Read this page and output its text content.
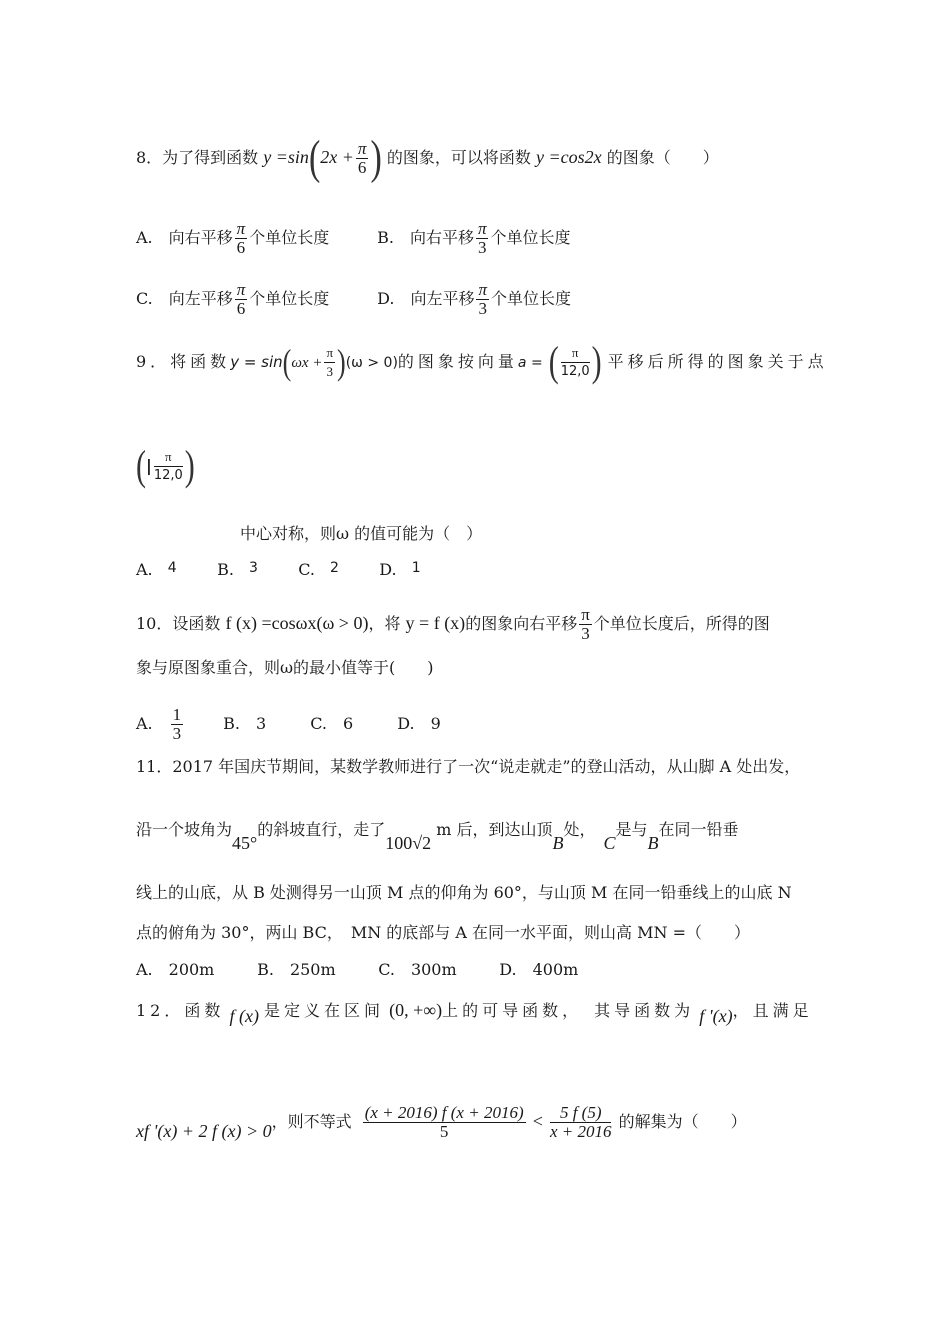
8．为了得到函数 $y =\sin(2x + \frac{\pi}{6}$ ) 的图象，可以将函数 y =cos2x 的图象（　　）
A.　向右平移 $\frac{\pi}{6}$ 个单位长度	B.　向右平移 $\frac{\pi}{3}$ 个单位长度
C.　向左平移 $\frac{\pi}{6}$ 个单位长度	D.　向左平移 $\frac{\pi}{3}$ 个单位长度
9．将函数$y = \sin(\omega x + \frac{\pi}{3} )(\omega > 0)$的图象按向量a = ( $\frac{\pi}{12,0}$ ) 平移后所得的图象关于点
(| $\frac{\pi}{12,0}$ )
中心对称，则ω 的值可能为（　）
A. 4	B. 3	C. 2	D. 1
10．设函数 f (x) =cosωx(ω > 0)，将 y = f (x)的图象向右平移 $\frac{\pi}{3}$ 个单位长度后，所得的图
象与原图象重合，则ω的最小值等于(　　)
A.　 $\frac{1}{3} B$.　3	C.　6	D.　9
11．2017 年国庆节期间，某数学教师进行了一次“说走就走”的登山活动，从山脚 A 处出发，
沿一个坡角为45°的斜坡直行，走了100√2 m 后，到达山顶B处，　C是与B在同一铅垂
线上的山底，从 B 处测得另一山顶 M 点的仰角为 60°，与山顶 M 在同一铅垂线上的山底 N
点的俯角为 30°，两山 BC，　MN 的底部与 A 在同一水平面，则山高 MN =（　　）
A.　200m	B.　250m	C.　300m	D.　400m
12．函数 f (x) 是定义在区间 (0, +∞)上的可导函数，　其导函数为 f '(x)，且满足
xf '(x) + 2 f (x) > 0，则不等式 $\frac{(x + 2016) f (x + 2016)}{5} < \frac{5 f (5)}{x + 2016}$ 的解集为（　　）
